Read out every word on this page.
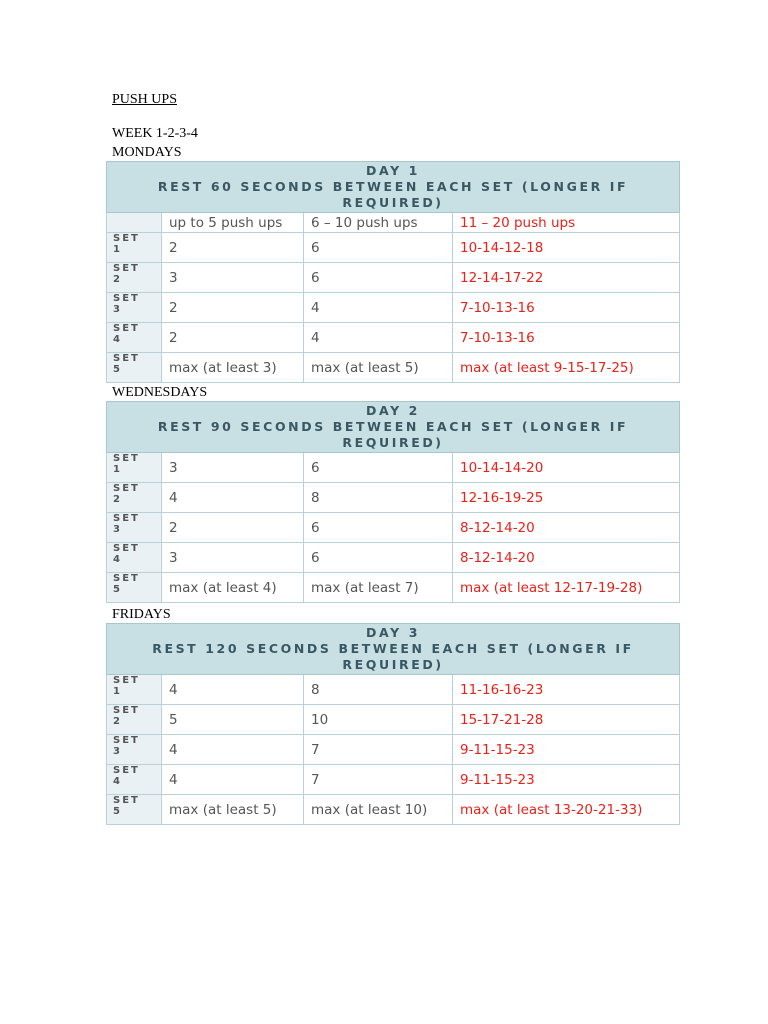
PUSH UPS
WEEK 1-2-3-4
MONDAYS
DAY 1
REST 60 SECONDS BETWEEN EACH SET (LONGER IF REQUIRED)			

	up to 5 push ups	6 – 10 push ups	11 – 20 push ups

SET
1	2	6	10-14-12-18

SET
2	3	6	12-14-17-22

SET
3	2	4	7-10-13-16

SET
4	2	4	7-10-13-16

SET
5	max (at least 3)	max (at least 5)	max (at least 9-15-17-25)
WEDNESDAYS
DAY 2
REST 90 SECONDS BETWEEN EACH SET (LONGER IF REQUIRED)			

SET
1	3	6	10-14-14-20

SET
2	4	8	12-16-19-25

SET
3	2	6	8-12-14-20

SET
4	3	6	8-12-14-20

SET
5	max (at least 4)	max (at least 7)	max (at least 12-17-19-28)
FRIDAYS
DAY 3
REST 120 SECONDS BETWEEN EACH SET (LONGER IF REQUIRED)			

SET
1	4	8	11-16-16-23

SET
2	5	10	15-17-21-28

SET
3	4	7	9-11-15-23

SET
4	4	7	9-11-15-23

SET
5	max (at least 5)	max (at least 10)	max (at least 13-20-21-33)
